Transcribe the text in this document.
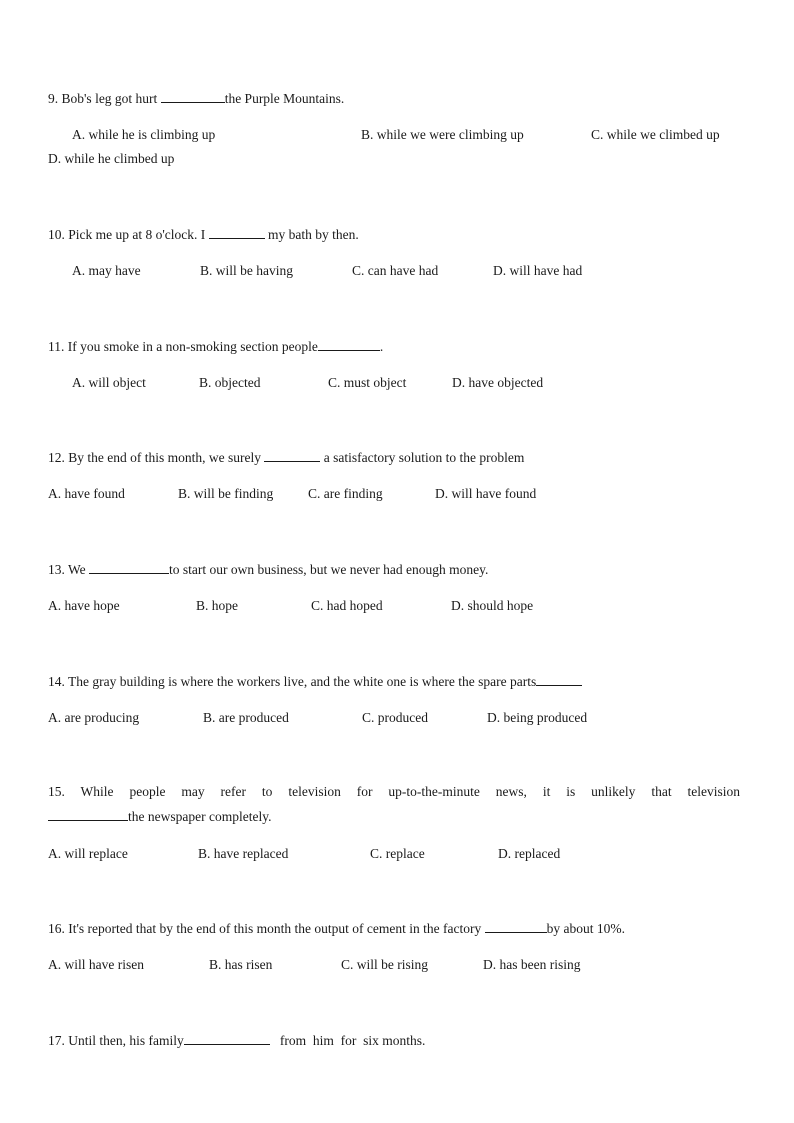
9. Bob's leg got hurt	the Purple Mountains.
A. while he is climbing up	B. while we were climbing up	C. while we climbed up
D. while he climbed up
10. Pick me up at 8 o'clock. I	my bath by then.
A. may have	B. will be having	C. can have had	D. will have had
11. If you smoke in a non-smoking section people	.
A. will object	B. objected	C. must object	D. have objected
12. By the end of this month, we surely	a satisfactory solution to the problem
A. have found	B. will be finding	C. are finding	D. will have found
13. We	to start our own business, but we never had enough money.
A. have hope	B. hope	C. had hoped	D. should hope
14. The gray building is where the workers live, and the white one is where the spare parts
A. are producing	B. are produced	C. produced	D. being produced
15. While people may refer to television for up-to-the-minute news, it is unlikely that television
the newspaper completely.
A. will replace	B. have replaced	C. replace	D. replaced
16. It's reported that by the end of this month the output of cement in the factory	by about 10%.
A. will have risen	B. has risen	C. will be rising	D. has been rising
17. Until then, his family	from  him  for  six months.
